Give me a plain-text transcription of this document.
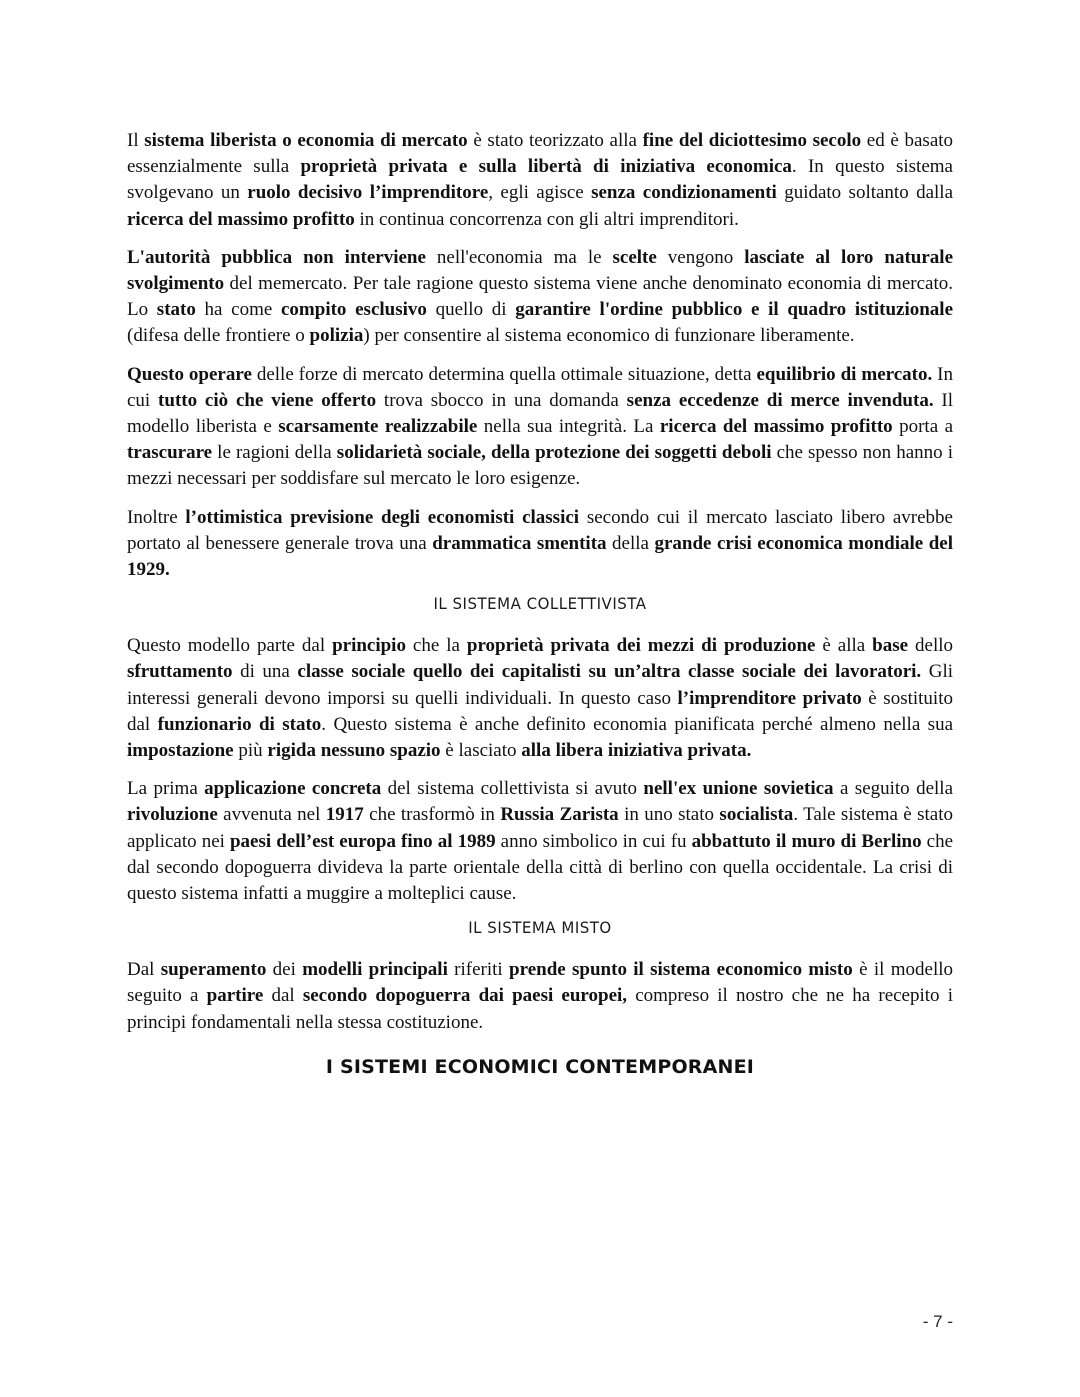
Il sistema liberista o economia di mercato è stato teorizzato alla fine del diciottesimo secolo ed è basato essenzialmente sulla proprietà privata e sulla libertà di iniziativa economica. In questo sistema svolgevano un ruolo decisivo l’imprenditore, egli agisce senza condizionamenti guidato soltanto dalla ricerca del massimo profitto in continua concorrenza con gli altri imprenditori.

L'autorità pubblica non interviene nell'economia ma le scelte vengono lasciate al loro naturale svolgimento del memercato. Per tale ragione questo sistema viene anche denominato economia di mercato. Lo stato ha come compito esclusivo quello di garantire l'ordine pubblico e il quadro istituzionale (difesa delle frontiere o polizia) per consentire al sistema economico di funzionare liberamente.

Questo operare delle forze di mercato determina quella ottimale situazione, detta equilibrio di mercato. In cui tutto ciò che viene offerto trova sbocco in una domanda senza eccedenze di merce invenduta. Il modello liberista e scarsamente realizzabile nella sua integrità. La ricerca del massimo profitto porta a trascurare le ragioni della solidarietà sociale, della protezione dei soggetti deboli che spesso non hanno i mezzi necessari per soddisfare sul mercato le loro esigenze.

Inoltre l’ottimistica previsione degli economisti classici secondo cui il mercato lasciato libero avrebbe portato al benessere generale trova una drammatica smentita della grande crisi economica mondiale del 1929.

IL SISTEMA COLLETTIVISTA

Questo modello parte dal principio che la proprietà privata dei mezzi di produzione è alla base dello sfruttamento di una classe sociale quello dei capitalisti su un’altra classe sociale dei lavoratori. Gli interessi generali devono imporsi su quelli individuali. In questo caso l’imprenditore privato è sostituito dal funzionario di stato. Questo sistema è anche definito economia pianificata perché almeno nella sua impostazione più rigida nessuno spazio è lasciato alla libera iniziativa privata.

La prima applicazione concreta del sistema collettivista si avuto nell'ex unione sovietica a seguito della rivoluzione avvenuta nel 1917 che trasformò in Russia Zarista in uno stato socialista. Tale sistema è stato applicato nei paesi dell’est europa fino al 1989 anno simbolico in cui fu abbattuto il muro di Berlino che dal secondo dopoguerra divideva la parte orientale della città di berlino con quella occidentale. La crisi di questo sistema infatti a muggire a molteplici cause.

IL SISTEMA MISTO

Dal superamento dei modelli principali riferiti prende spunto il sistema economico misto è il modello seguito a partire dal secondo dopoguerra dai paesi europei, compreso il nostro che ne ha recepito i principi fondamentali nella stessa costituzione.

I SISTEMI ECONOMICI CONTEMPORANEI
- 7 -
